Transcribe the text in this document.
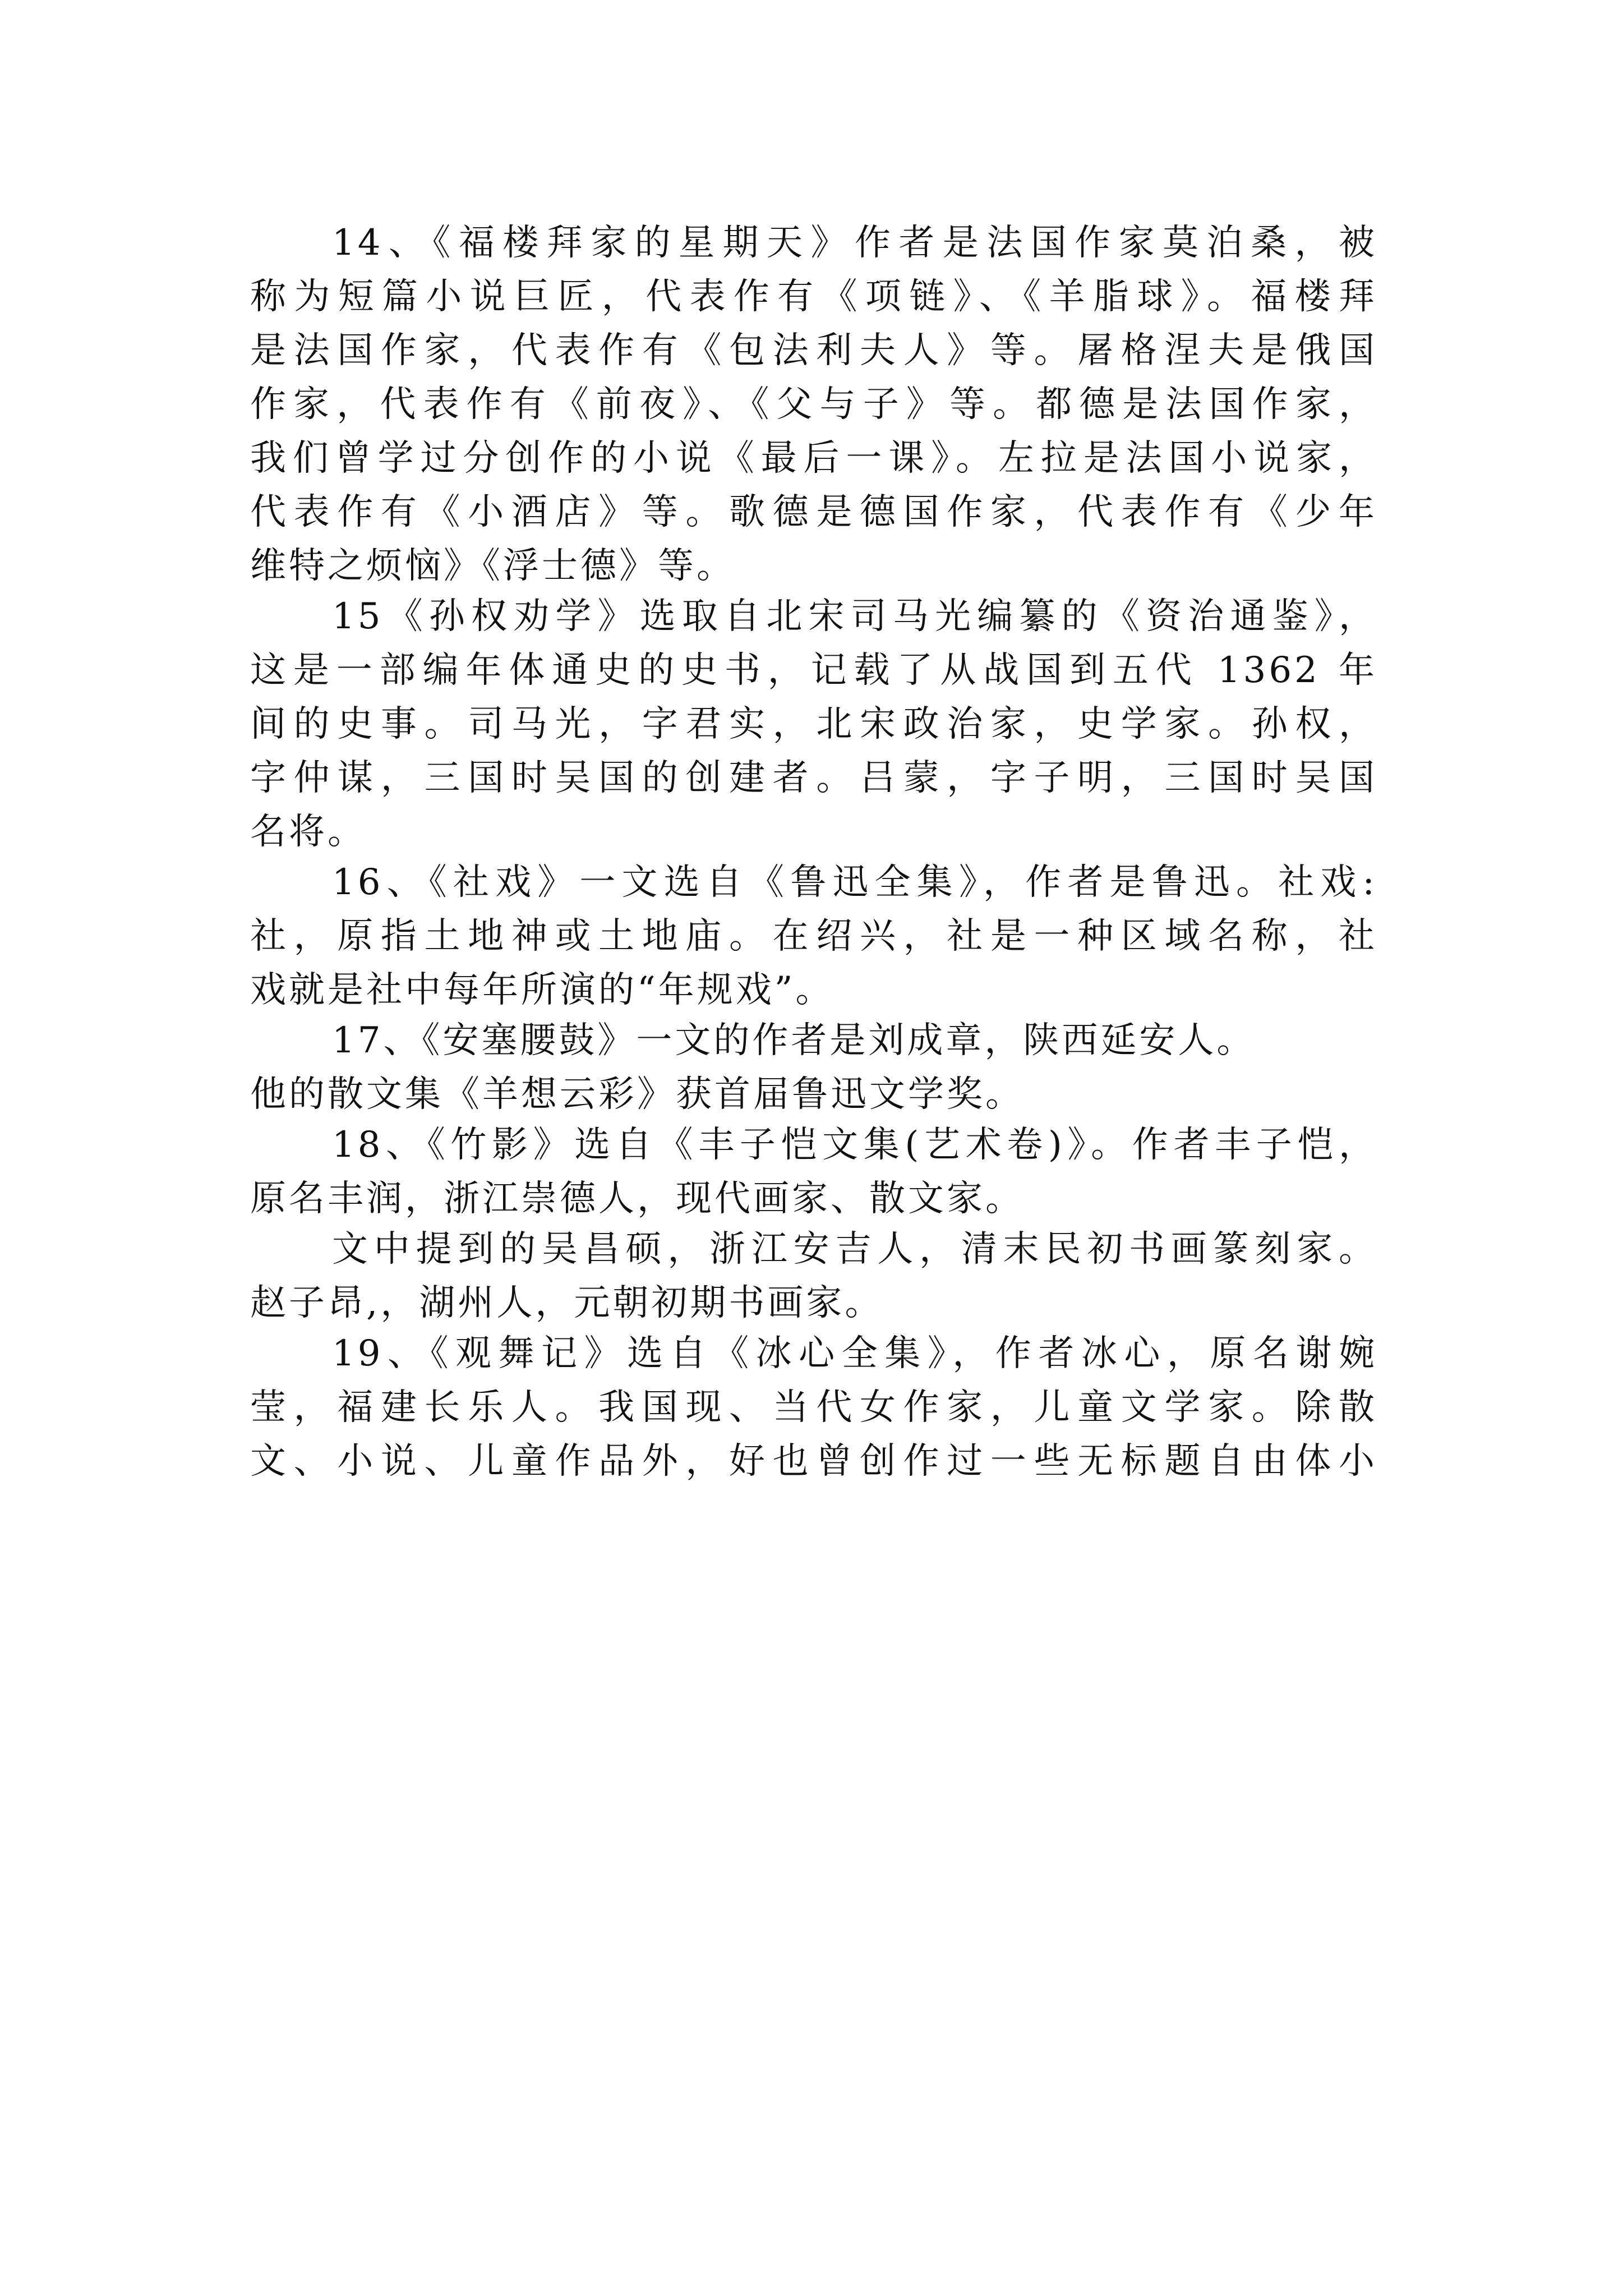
14、《福楼拜家的星期天》作者是法国作家莫泊桑，被
称为短篇小说巨匠，代表作有《项链》、《羊脂球》。福楼拜
是法国作家，代表作有《包法利夫人》等。屠格涅夫是俄国
作家，代表作有《前夜》、《父与子》等。都德是法国作家，
我们曾学过分创作的小说《最后一课》。左拉是法国小说家，
代表作有《小酒店》等。歌德是德国作家，代表作有《少年
维特之烦恼》《浮士德》等。
15《孙权劝学》选取自北宋司马光编纂的《资治通鉴》，
这是一部编年体通史的史书，记载了从战国到五代 1362 年
间的史事。司马光，字君实，北宋政治家，史学家。孙权，
字仲谋，三国时吴国的创建者。吕蒙，字子明，三国时吴国
名将。
16、《社戏》一文选自《鲁迅全集》，作者是鲁迅。社戏:
社，原指土地神或土地庙。在绍兴，社是一种区域名称，社
戏就是社中每年所演的“年规戏”。
17、《安塞腰鼓》一文的作者是刘成章，陕西延安人。
他的散文集《羊想云彩》获首届鲁迅文学奖。
18、《竹影》选自《丰子恺文集(艺术卷)》。作者丰子恺，
原名丰润，浙江崇德人，现代画家、散文家。
文中提到的吴昌硕，浙江安吉人，清末民初书画篆刻家。
赵子昂,，湖州人，元朝初期书画家。
19、《观舞记》选自《冰心全集》，作者冰心，原名谢婉
莹，福建长乐人。我国现、当代女作家，儿童文学家。除散
文、小说、儿童作品外，好也曾创作过一些无标题自由体小
